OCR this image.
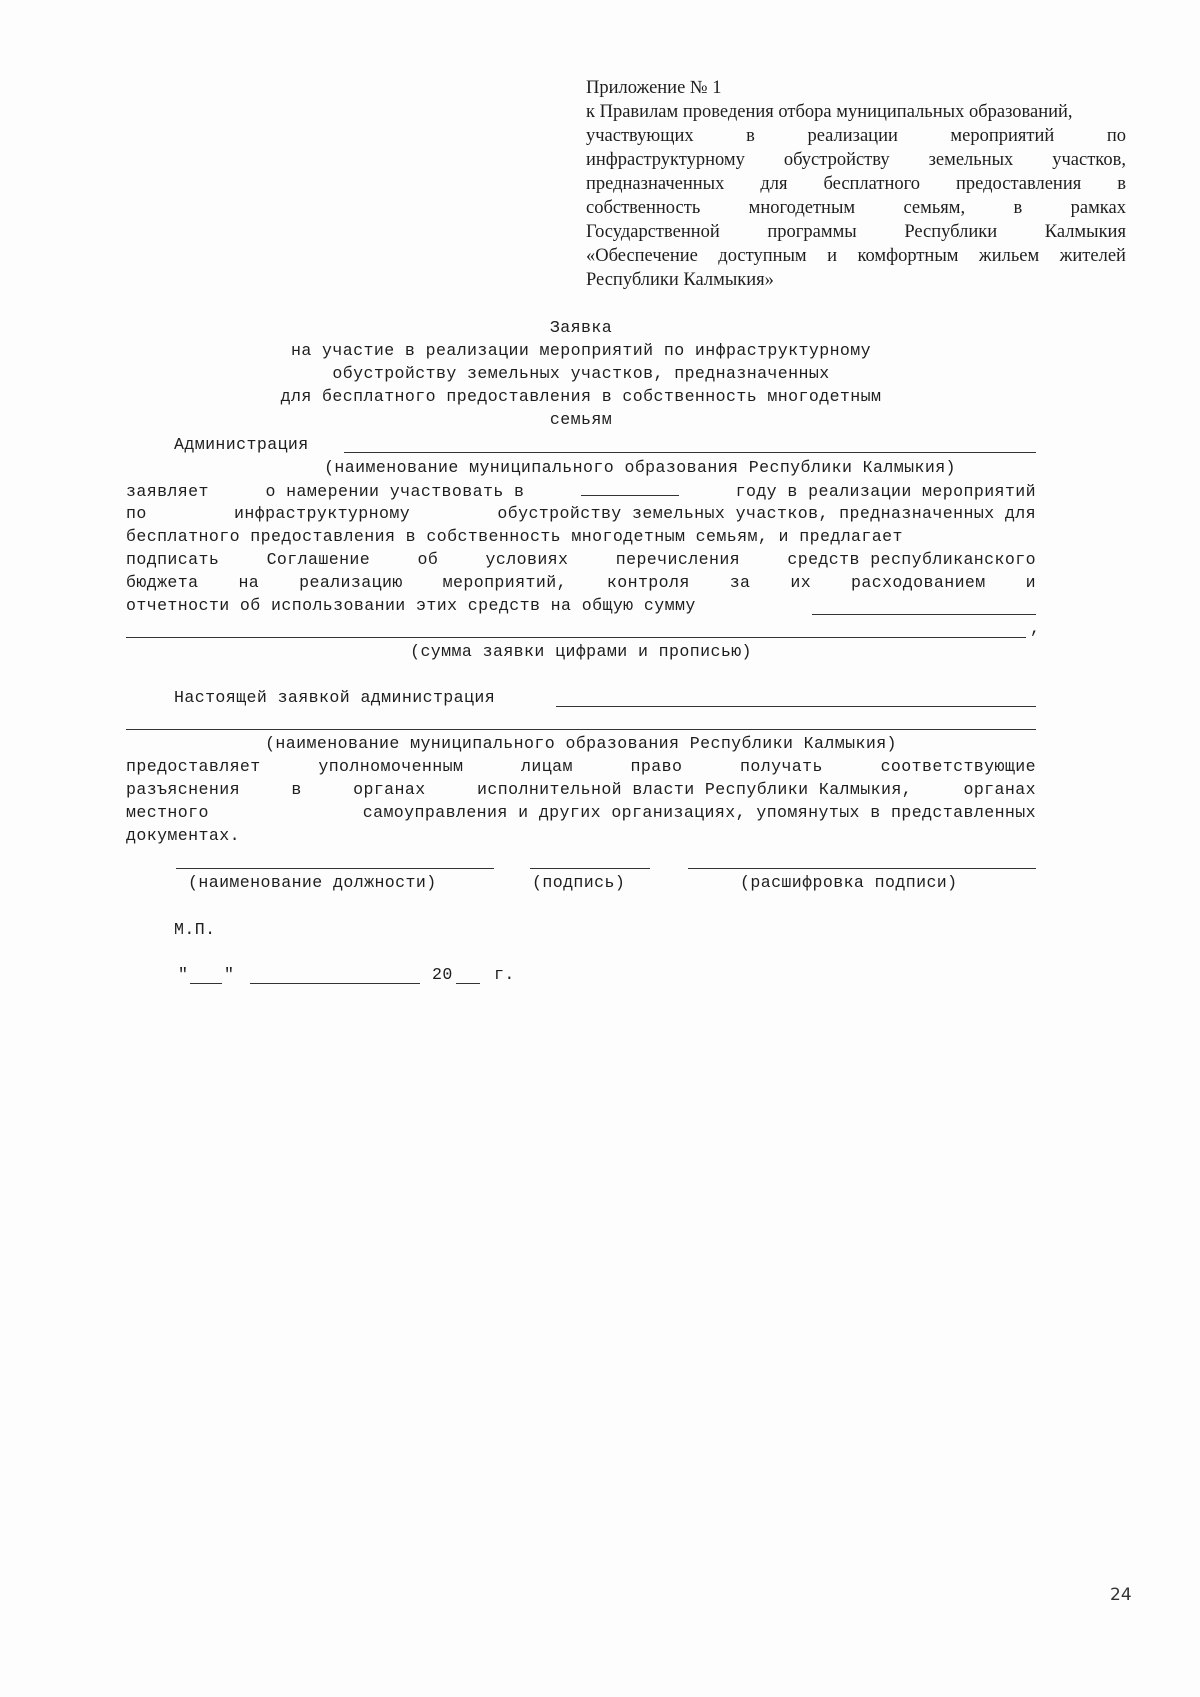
Приложение № 1
к Правилам проведения отбора муниципальных образований,
участвующих	в	реализации	мероприятий	по
инфраструктурному обустройству земельных участков,
предназначенных для бесплатного предоставления в
собственность	многодетным	семьям,	в	рамках
Государственной	программы	Республики	Калмыкия
«Обеспечение доступным и комфортным жильем жителей
Республики Калмыкия»
Заявка
на участие в реализации мероприятий по инфраструктурному
обустройству земельных участков, предназначенных
для бесплатного предоставления в собственность многодетным
семьям
Администрация
(наименование муниципального образования Республики Калмыкия)
заявляет	о намерении участвовать в	году в реализации мероприятий
по	инфраструктурному	обустройству земельных участков, предназначенных для
бесплатного предоставления в собственность многодетным семьям, и предлагает
подписать	Соглашение	об	условиях	перечисления	средств республиканского
бюджета на реализацию мероприятий, контроля за их расходованием и
отчетности об использовании этих средств на общую сумму
,
(сумма заявки цифрами и прописью)
Настоящей заявкой администрация
(наименование муниципального образования Республики Калмыкия)
предоставляет	уполномоченным	лицам	право	получать	соответствующие
разъяснения	в	органах	исполнительной власти Республики Калмыкия,	органах
местного	самоуправления и других организациях, упомянутых в представленных
документах.
(наименование должности)	(подпись)	(расшифровка подписи)
М.П.
" "	20 г.
24
